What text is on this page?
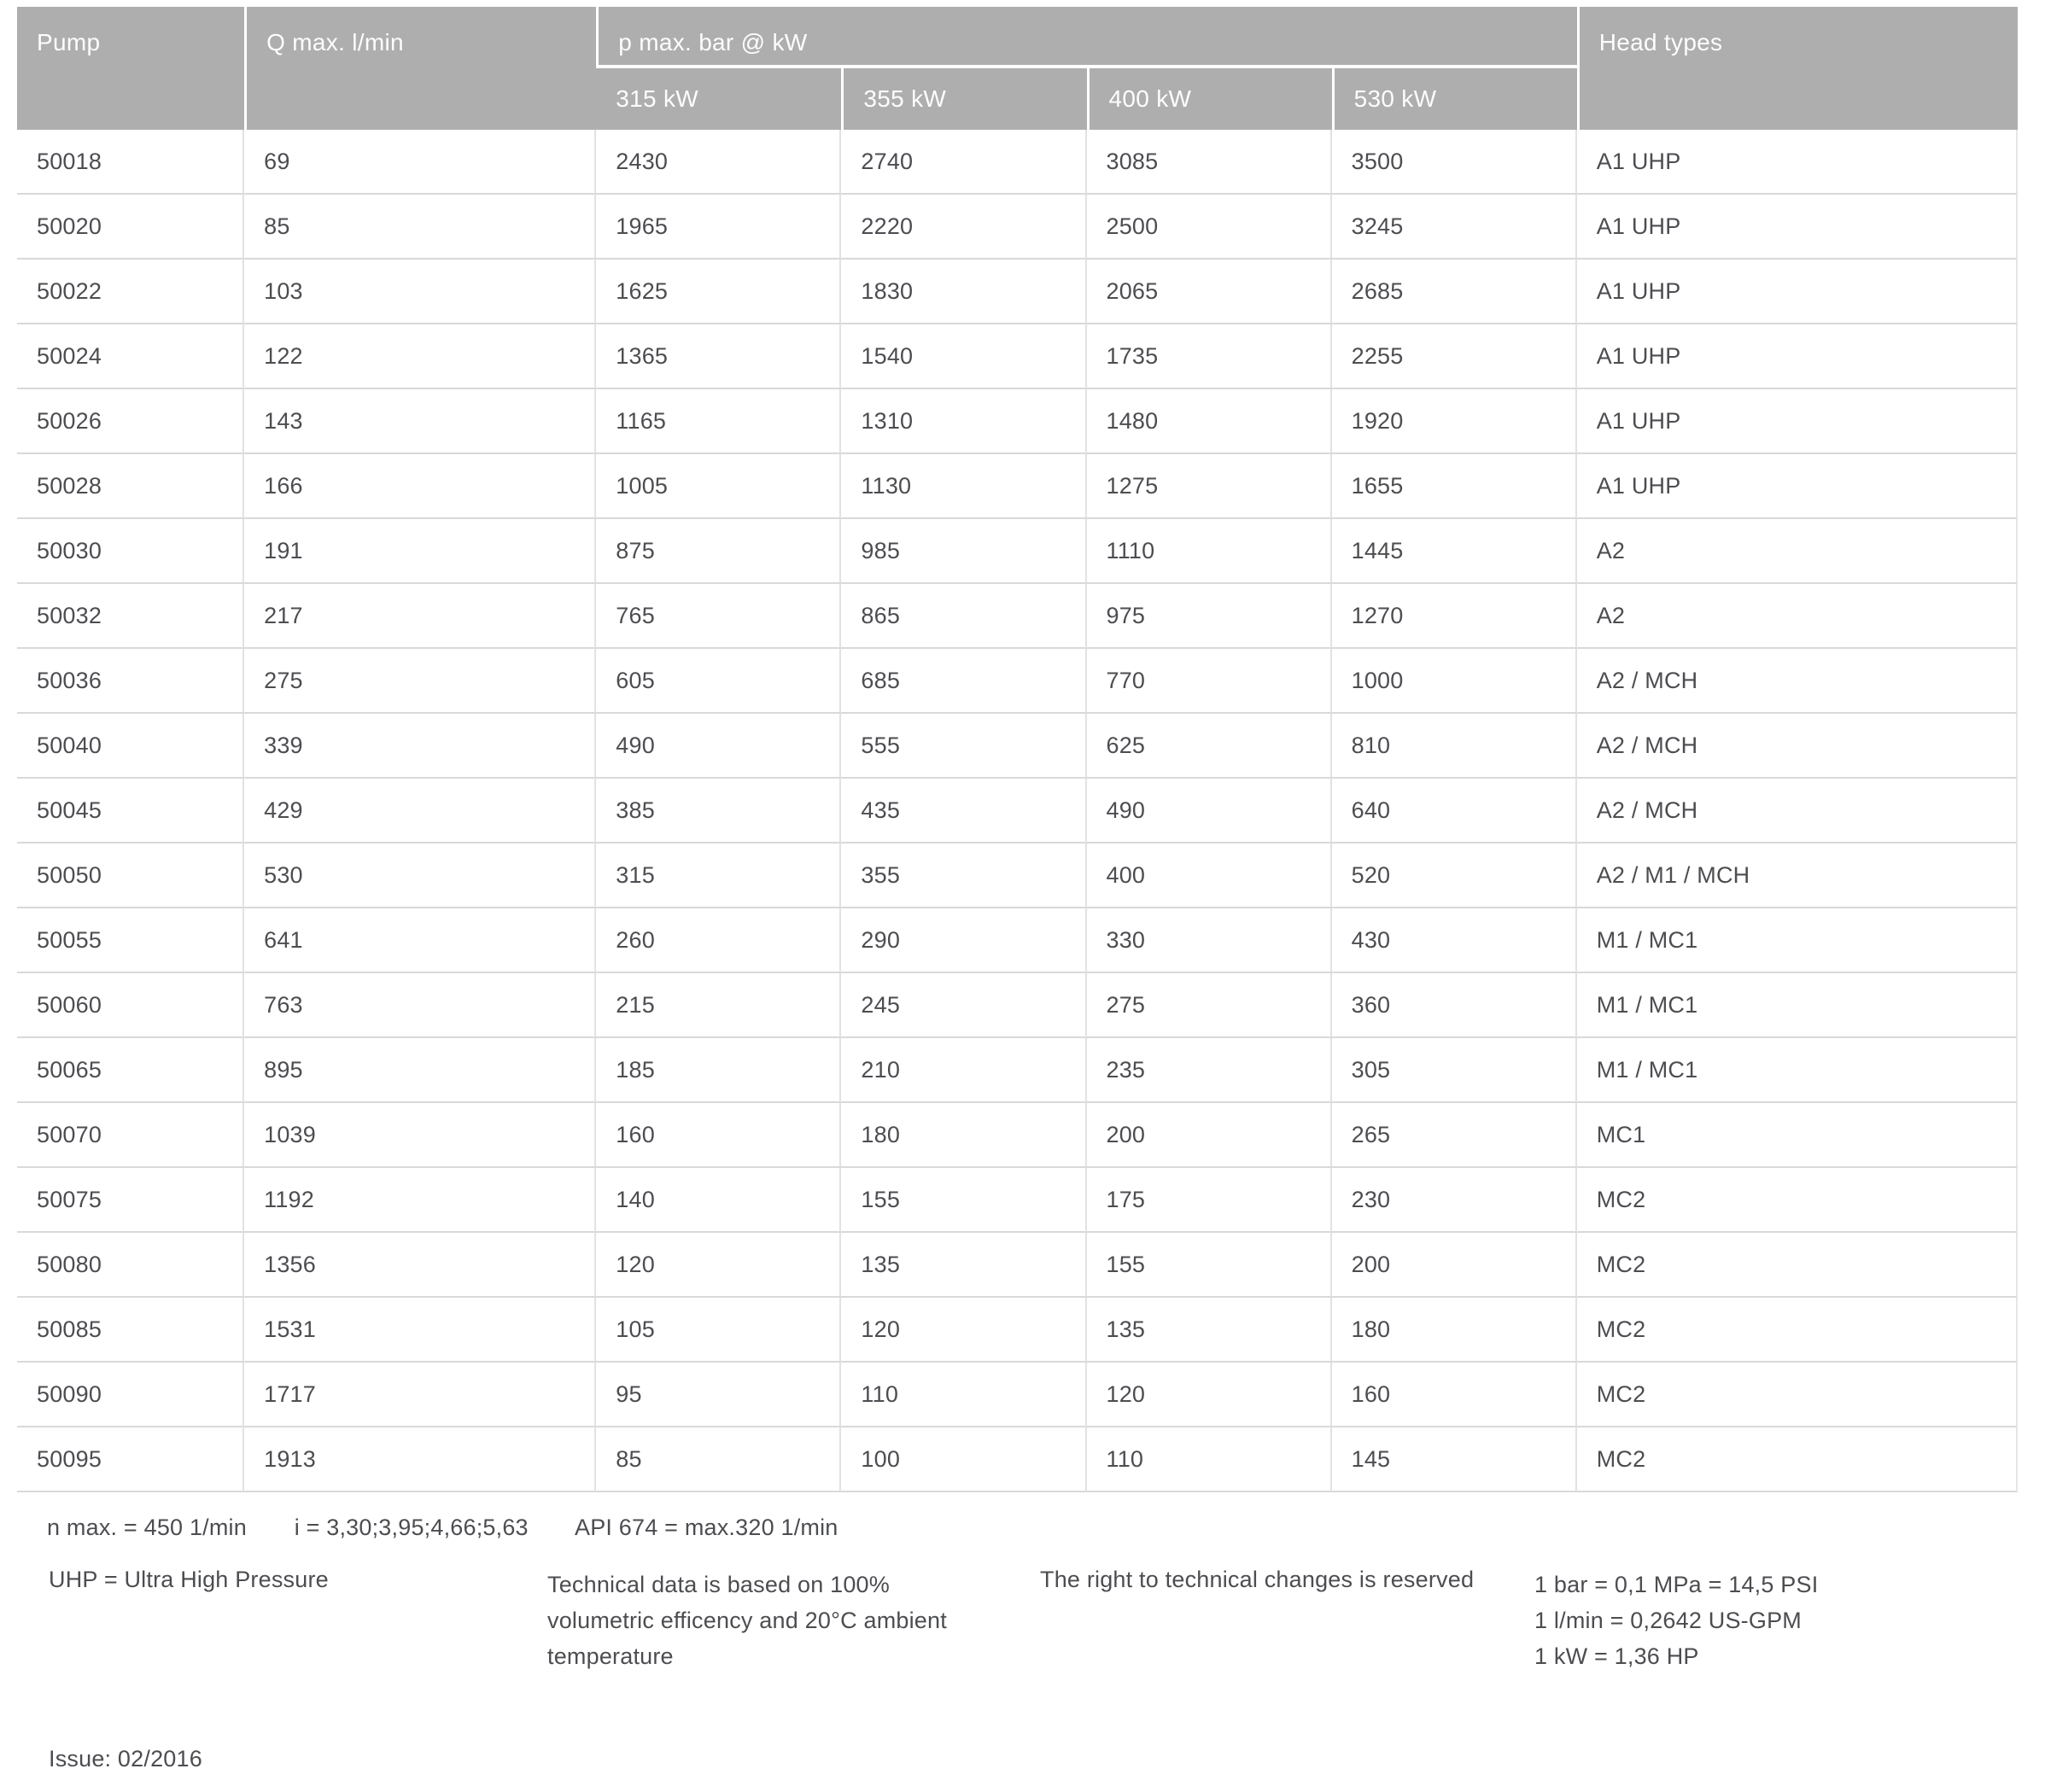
Pump	Q max. l/min	p max. bar @ kW				Head types
		315 kW	355 kW	400 kW	530 kW	
50018	69	2430	2740	3085	3500	A1 UHP
50020	85	1965	2220	2500	3245	A1 UHP
50022	103	1625	1830	2065	2685	A1 UHP
50024	122	1365	1540	1735	2255	A1 UHP
50026	143	1165	1310	1480	1920	A1 UHP
50028	166	1005	1130	1275	1655	A1 UHP
50030	191	875	985	1110	1445	A2
50032	217	765	865	975	1270	A2
50036	275	605	685	770	1000	A2 / MCH
50040	339	490	555	625	810	A2 / MCH
50045	429	385	435	490	640	A2 / MCH
50050	530	315	355	400	520	A2 / M1 / MCH
50055	641	260	290	330	430	M1 / MC1
50060	763	215	245	275	360	M1 / MC1
50065	895	185	210	235	305	M1 / MC1
50070	1039	160	180	200	265	MC1
50075	1192	140	155	175	230	MC2
50080	1356	120	135	155	200	MC2
50085	1531	105	120	135	180	MC2
50090	1717	95	110	120	160	MC2
50095	1913	85	100	110	145	MC2
n max. = 450 1/min i = 3,30;3,95;4,66;5,63 API 674 = max.320 1/min
UHP = Ultra High Pressure	Technical data is based on 100%
volumetric efficency and 20°C ambient
temperature
The right to technical changes is reserved	1 bar = 0,1 MPa = 14,5 PSI
1 l/min = 0,2642 US-GPM
1 kW = 1,36 HP
Issue: 02/2016
